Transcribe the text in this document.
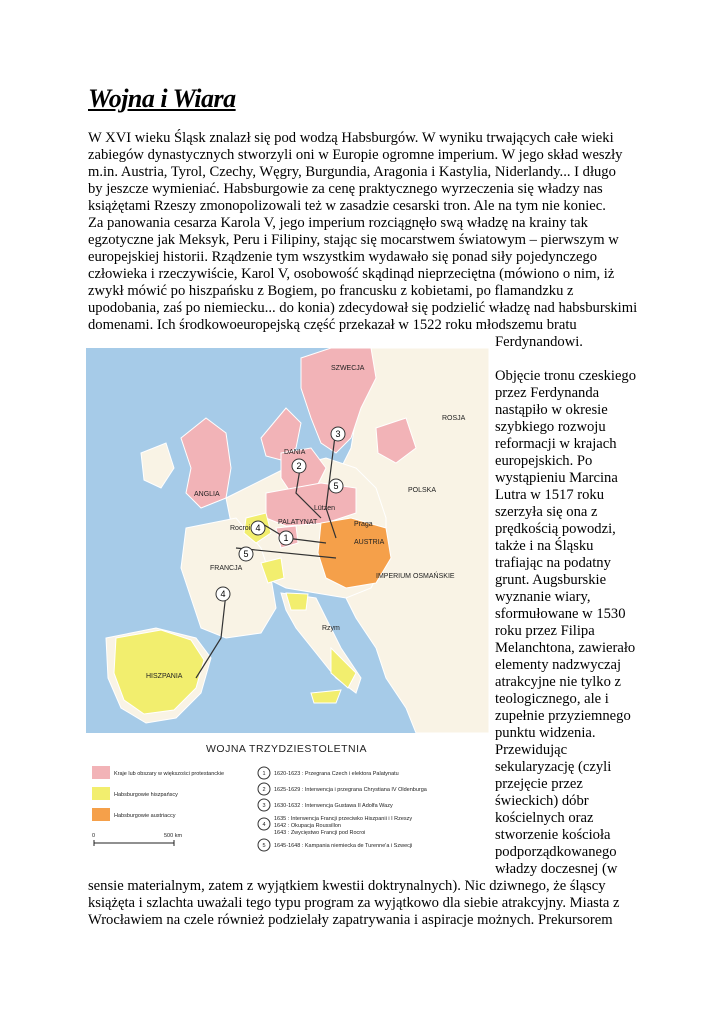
Wojna i Wiara
W XVI wieku Śląsk znalazł się pod wodzą Habsburgów. W wyniku trwających całe wieki
zabiegów dynastycznych stworzyli oni w Europie ogromne imperium. W jego skład weszły
m.in. Austria, Tyrol, Czechy, Węgry, Burgundia, Aragonia i Kastylia, Niderlandy... I długo
by jeszcze wymieniać. Habsburgowie za cenę praktycznego wyrzeczenia się władzy nas
książętami Rzeszy zmonopolizowali też w zasadzie cesarski tron. Ale na tym nie koniec.
Za panowania cesarza Karola V, jego imperium rozciągnęło swą władzę na krainy tak
egzotyczne jak Meksyk, Peru i Filipiny, stając się mocarstwem światowym – pierwszym w
europejskiej historii. Rządzenie tym wszystkim wydawało się ponad siły pojedynczego
człowieka i rzeczywiście, Karol V, osobowość skądinąd nieprzeciętna (mówiono o nim, iż
zwykł mówić po hiszpańsku z Bogiem, po francusku z kobietami, po flamandzku z
upodobania, zaś po niemiecku... do konia) zdecydował się podzielić władzę nad habsburskimi
domenami. Ich środkowoeuropejską część przekazał w 1522 roku młodszemu bratu
Ferdynandowi.
Objęcie tronu czeskiego
przez Ferdynanda
nastąpiło w okresie
szybkiego rozwoju
reformacji w krajach
europejskich. Po
wystąpieniu Marcina
Lutra w 1517 roku
szerzyła się ona z
prędkością powodzi,
także i na Śląsku
trafiając na podatny
grunt. Augsburskie
wyznanie wiary,
sformułowane w 1530
roku przez Filipa
Melanchtona, zawierało
elementy nadzwyczaj
atrakcyjne nie tylko z
teologicznego, ale i
zupełnie przyziemnego
punktu widzenia.
Przewidując
sekularyzację (czyli
przejęcie przez
świeckich) dóbr
kościelnych oraz
stworzenie kościoła
podporządkowanego
władzy doczesnej (w
sensie materialnym, zatem z wyjątkiem kwestii doktrynalnych). Nic dziwnego, że śląscy
książęta i szlachta uważali tego typu program za wyjątkowo dla siebie atrakcyjny. Miasta z
Wrocławiem na czele również podzielały zapatrywania i aspiracje możnych. Prekursorem
1
2
3
4
4
5
5
SZWECJA
ROSJA
DANIA
ANGLIA
POLSKA
PALATYNAT
Lützen
Praga
AUSTRIA
Rocroi
FRANCJA
IMPERIUM OSMAŃSKIE
HISZPANIA
Rzym
WOJNA TRZYDZIESTOLETNIA
Kraje lub obszary w większości protestanckie
Habsburgowie hiszpańscy
Habsburgowie austriaccy
1 1620-1623 : Przegrana Czech i elektora Palatynatu
2 1625-1629 : Interwencja i przegrana Chrystiana IV Oldenburga
3 1630-1632 : Interwencja Gustawa II Adolfa Wazy
4
1635 : Interwencja Francji przeciwko Hiszpanii i I Rzeszy
1642 : Okupacja Roussillon
1643 : Zwycięstwo Francji pod Rocroi
5 1645-1648 : Kampania niemiecka de Turenne'a i Szwecji
0	500 km
